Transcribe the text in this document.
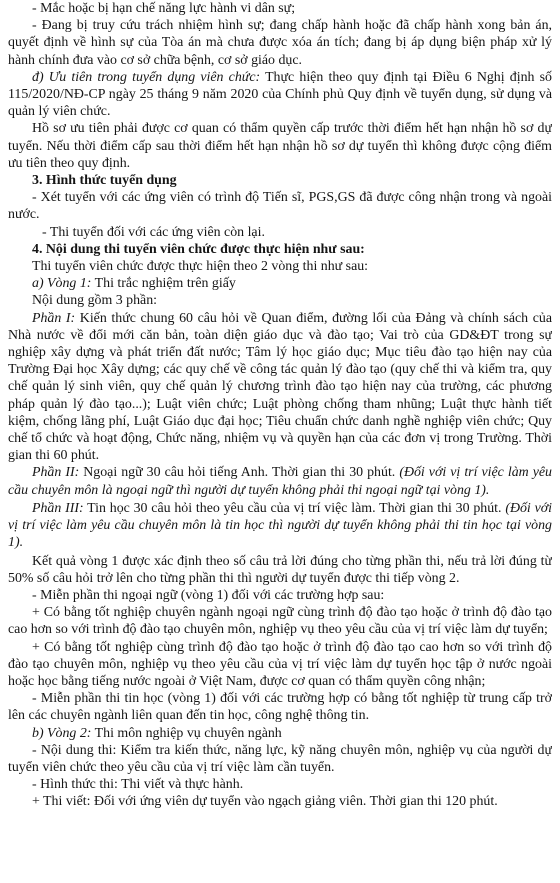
- Mắc hoặc bị hạn chế năng lực hành vi dân sự;

- Đang bị truy cứu trách nhiệm hình sự; đang chấp hành hoặc đã chấp hành xong bản án, quyết định về hình sự của Tòa án mà chưa được xóa án tích; đang bị áp dụng biện pháp xử lý hành chính đưa vào cơ sở chữa bệnh, cơ sở giáo dục.

đ) Ưu tiên trong tuyển dụng viên chức: Thực hiện theo quy định tại Điều 6 Nghị định số 115/2020/NĐ-CP ngày 25 tháng 9 năm 2020 của Chính phủ Quy định về tuyển dụng, sử dụng và quản lý viên chức.

Hồ sơ ưu tiên phải được cơ quan có thẩm quyền cấp trước thời điểm hết hạn nhận hồ sơ dự tuyển. Nếu thời điểm cấp sau thời điểm hết hạn nhận hồ sơ dự tuyển thì không được cộng điểm ưu tiên theo quy định.

3. Hình thức tuyển dụng

- Xét tuyển với các ứng viên có trình độ Tiến sĩ, PGS,GS đã được công nhận trong và ngoài nước.

- Thi tuyển đối với các ứng viên còn lại.

4. Nội dung thi tuyển viên chức được thực hiện như sau:

Thi tuyển viên chức được thực hiện theo 2 vòng thi như sau:

a) Vòng 1: Thi trắc nghiệm trên giấy

Nội dung gồm 3 phần:

Phần I: Kiến thức chung 60 câu hỏi về Quan điểm, đường lối của Đảng và chính sách của Nhà nước về đổi mới căn bản, toàn diện giáo dục và đào tạo; Vai trò của GD&ĐT trong sự nghiệp xây dựng và phát triển đất nước; Tâm lý học giáo dục; Mục tiêu đào tạo hiện nay của Trường Đại học Xây dựng; các quy chế về công tác quản lý đào tạo (quy chế thi và kiểm tra, quy chế quản lý sinh viên, quy chế quản lý chương trình đào tạo hiện nay của trường, các phương pháp quản lý đào tạo...); Luật viên chức; Luật phòng chống tham nhũng; Luật thực hành tiết kiệm, chống lãng phí, Luật Giáo dục đại học; Tiêu chuẩn chức danh nghề nghiệp viên chức; Quy chế tổ chức và hoạt động, Chức năng, nhiệm vụ và quyền hạn của các đơn vị trong Trường. Thời gian thi 60 phút.

Phần II: Ngoại ngữ 30 câu hỏi tiếng Anh. Thời gian thi 30 phút. (Đối với vị trí việc làm yêu cầu chuyên môn là ngoại ngữ thì người dự tuyển không phải thi ngoại ngữ tại vòng 1).

Phần III: Tin học 30 câu hỏi theo yêu cầu của vị trí việc làm. Thời gian thi 30 phút. (Đối với vị trí việc làm yêu cầu chuyên môn là tin học thì người dự tuyển không phải thi tin học tại vòng 1).

Kết quả vòng 1 được xác định theo số câu trả lời đúng cho từng phần thi, nếu trả lời đúng từ 50% số câu hỏi trở lên cho từng phần thi thì người dự tuyển được thi tiếp vòng 2.

- Miễn phần thi ngoại ngữ (vòng 1) đối với các trường hợp sau:

+ Có bằng tốt nghiệp chuyên ngành ngoại ngữ cùng trình độ đào tạo hoặc ở trình độ đào tạo cao hơn so với trình độ đào tạo chuyên môn, nghiệp vụ theo yêu cầu của vị trí việc làm dự tuyển;

+ Có bằng tốt nghiệp cùng trình độ đào tạo hoặc ở trình độ đào tạo cao hơn so với trình độ đào tạo chuyên môn, nghiệp vụ theo yêu cầu của vị trí việc làm dự tuyển học tập ở nước ngoài hoặc học bằng tiếng nước ngoài ở Việt Nam, được cơ quan có thẩm quyền công nhận;

- Miễn phần thi tin học (vòng 1) đối với các trường hợp có bằng tốt nghiệp từ trung cấp trở lên các chuyên ngành liên quan đến tin học, công nghệ thông tin.

b) Vòng 2: Thi môn nghiệp vụ chuyên ngành

- Nội dung thi: Kiểm tra kiến thức, năng lực, kỹ năng chuyên môn, nghiệp vụ của người dự tuyển viên chức theo yêu cầu của vị trí việc làm cần tuyển.

- Hình thức thi: Thi viết và thực hành.

+ Thi viết: Đối với ứng viên dự tuyển vào ngạch giảng viên. Thời gian thi 120 phút.
